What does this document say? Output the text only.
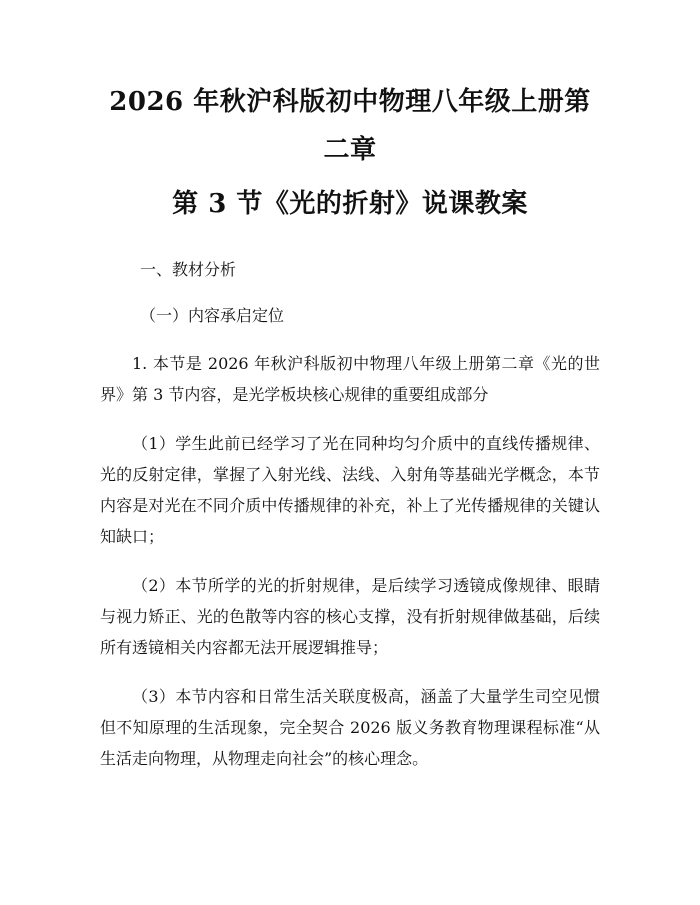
2026 年秋沪科版初中物理八年级上册第二章
第 3 节《光的折射》说课教案

一、教材分析

（一）内容承启定位

1. 本节是 2026 年秋沪科版初中物理八年级上册第二章《光的世界》第 3 节内容，是光学板块核心规律的重要组成部分

（1）学生此前已经学习了光在同种均匀介质中的直线传播规律、光的反射定律，掌握了入射光线、法线、入射角等基础光学概念，本节内容是对光在不同介质中传播规律的补充，补上了光传播规律的关键认知缺口；

（2）本节所学的光的折射规律，是后续学习透镜成像规律、眼睛与视力矫正、光的色散等内容的核心支撑，没有折射规律做基础，后续所有透镜相关内容都无法开展逻辑推导；

（3）本节内容和日常生活关联度极高，涵盖了大量学生司空见惯但不知原理的生活现象，完全契合 2026 版义务教育物理课程标准“从生活走向物理，从物理走向社会”的核心理念。
